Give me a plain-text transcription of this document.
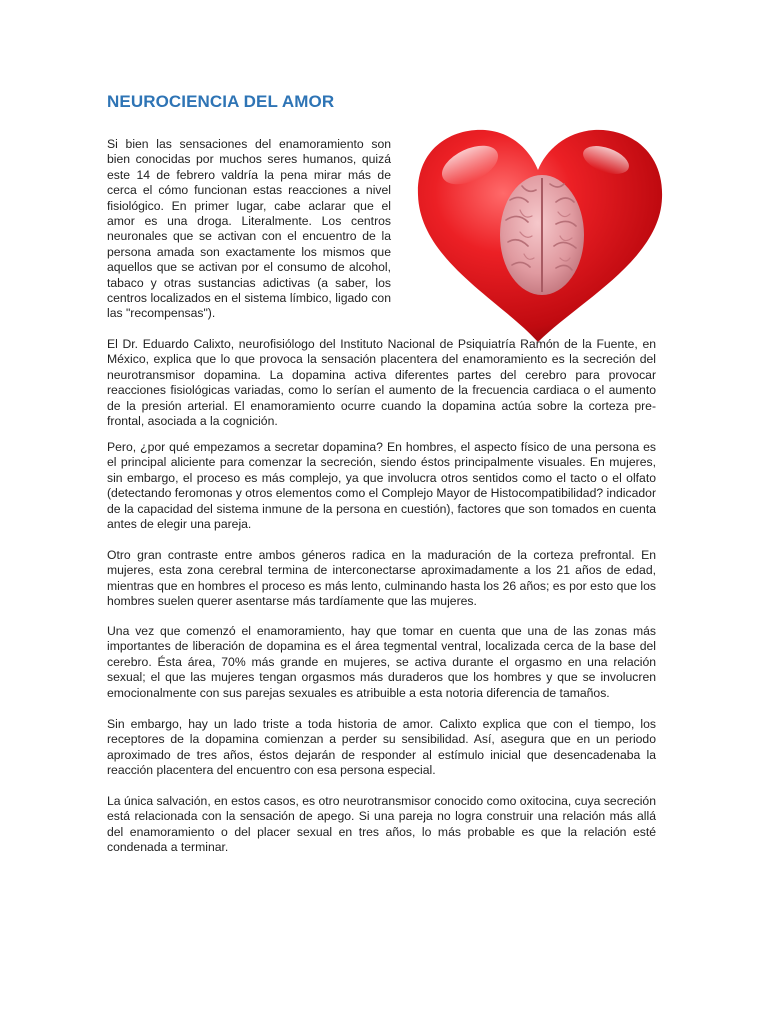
NEUROCIENCIA DEL AMOR

Si bien las sensaciones del enamoramiento son bien conocidas por muchos seres humanos, quizá este 14 de febrero valdría la pena mirar más de cerca el cómo funcionan estas reacciones a nivel fisiológico. En primer lugar, cabe aclarar que el amor es una droga. Literalmente. Los centros neuronales que se activan con el encuentro de la persona amada son exactamente los mismos que aquellos que se activan por el consumo de alcohol, tabaco y otras sustancias adictivas (a saber, los centros localizados en el sistema límbico, ligado con las "recompensas").

El Dr. Eduardo Calixto, neurofisiólogo del Instituto Nacional de Psiquiatría Ramón de la Fuente, en México, explica que lo que provoca la sensación placentera del enamoramiento es la secreción del neurotransmisor dopamina. La dopamina activa diferentes partes del cerebro para provocar reacciones fisiológicas variadas, como lo serían el aumento de la frecuencia cardiaca o el aumento de la presión arterial. El enamoramiento ocurre cuando la dopamina actúa sobre la corteza pre-frontal, asociada a la cognición.

Pero, ¿por qué empezamos a secretar dopamina? En hombres, el aspecto físico de una persona es el principal aliciente para comenzar la secreción, siendo éstos principalmente visuales. En mujeres, sin embargo, el proceso es más complejo, ya que involucra otros sentidos como el tacto o el olfato (detectando feromonas y otros elementos como el Complejo Mayor de Histocompatibilidad? indicador de la capacidad del sistema inmune de la persona en cuestión), factores que son tomados en cuenta antes de elegir una pareja.

Otro gran contraste entre ambos géneros radica en la maduración de la corteza prefrontal. En mujeres, esta zona cerebral termina de interconectarse aproximadamente a los 21 años de edad, mientras que en hombres el proceso es más lento, culminando hasta los 26 años; es por esto que los hombres suelen querer asentarse más tardíamente que las mujeres.

Una vez que comenzó el enamoramiento, hay que tomar en cuenta que una de las zonas más importantes de liberación de dopamina es el área tegmental ventral, localizada cerca de la base del cerebro. Ésta área, 70% más grande en mujeres, se activa durante el orgasmo en una relación sexual; el que las mujeres tengan orgasmos más duraderos que los hombres y que se involucren emocionalmente con sus parejas sexuales es atribuible a esta notoria diferencia de tamaños.

Sin embargo, hay un lado triste a toda historia de amor. Calixto explica que con el tiempo, los receptores de la dopamina comienzan a perder su sensibilidad. Así, asegura que en un periodo aproximado de tres años, éstos dejarán de responder al estímulo inicial que desencadenaba la reacción placentera del encuentro con esa persona especial.

La única salvación, en estos casos, es otro neurotransmisor conocido como oxitocina, cuya secreción está relacionada con la sensación de apego. Si una pareja no logra construir una relación más allá del enamoramiento o del placer sexual en tres años, lo más probable es que la relación esté condenada a terminar.
